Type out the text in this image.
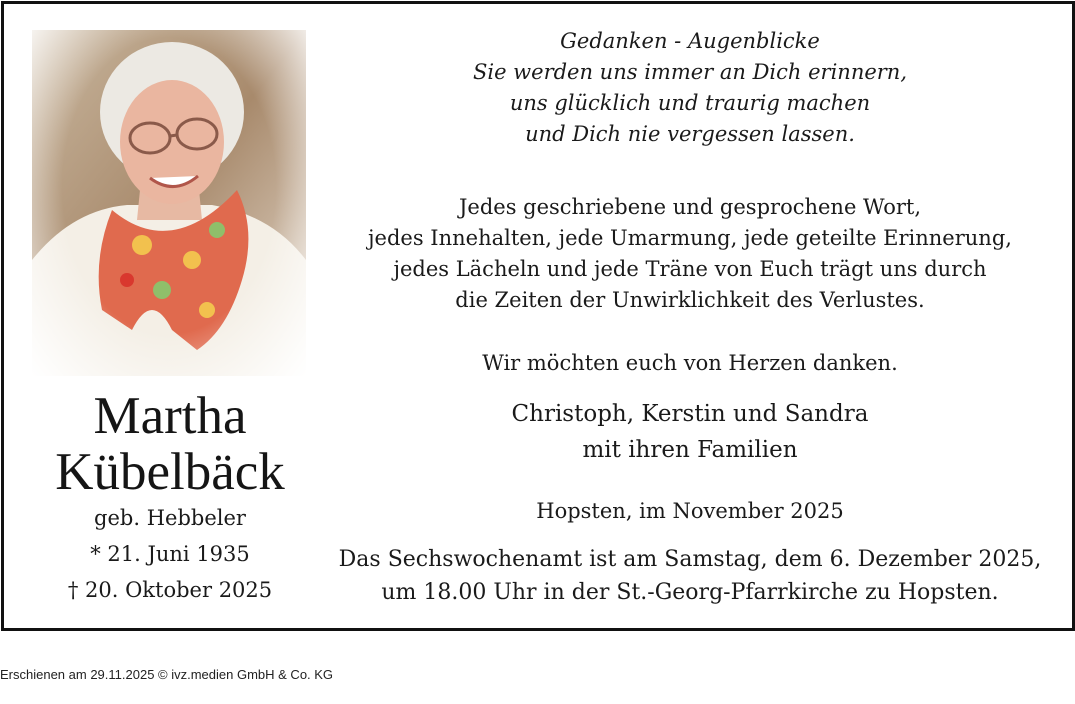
Martha
Kübelbäck
geb. Hebbeler
* 21. Juni 1935
† 20. Oktober 2025
Gedanken - Augenblicke
Sie werden uns immer an Dich erinnern,
uns glücklich und traurig machen
und Dich nie vergessen lassen.
Jedes geschriebene und gesprochene Wort,
jedes Innehalten, jede Umarmung, jede geteilte Erinnerung,
jedes Lächeln und jede Träne von Euch trägt uns durch
die Zeiten der Unwirklichkeit des Verlustes.
Wir möchten euch von Herzen danken.
Christoph, Kerstin und Sandra
mit ihren Familien
Hopsten, im November 2025
Das Sechswochenamt ist am Samstag, dem 6. Dezember 2025,
um 18.00 Uhr in der St.-Georg-Pfarrkirche zu Hopsten.
Erschienen am 29.11.2025 © ivz.medien GmbH & Co. KG
